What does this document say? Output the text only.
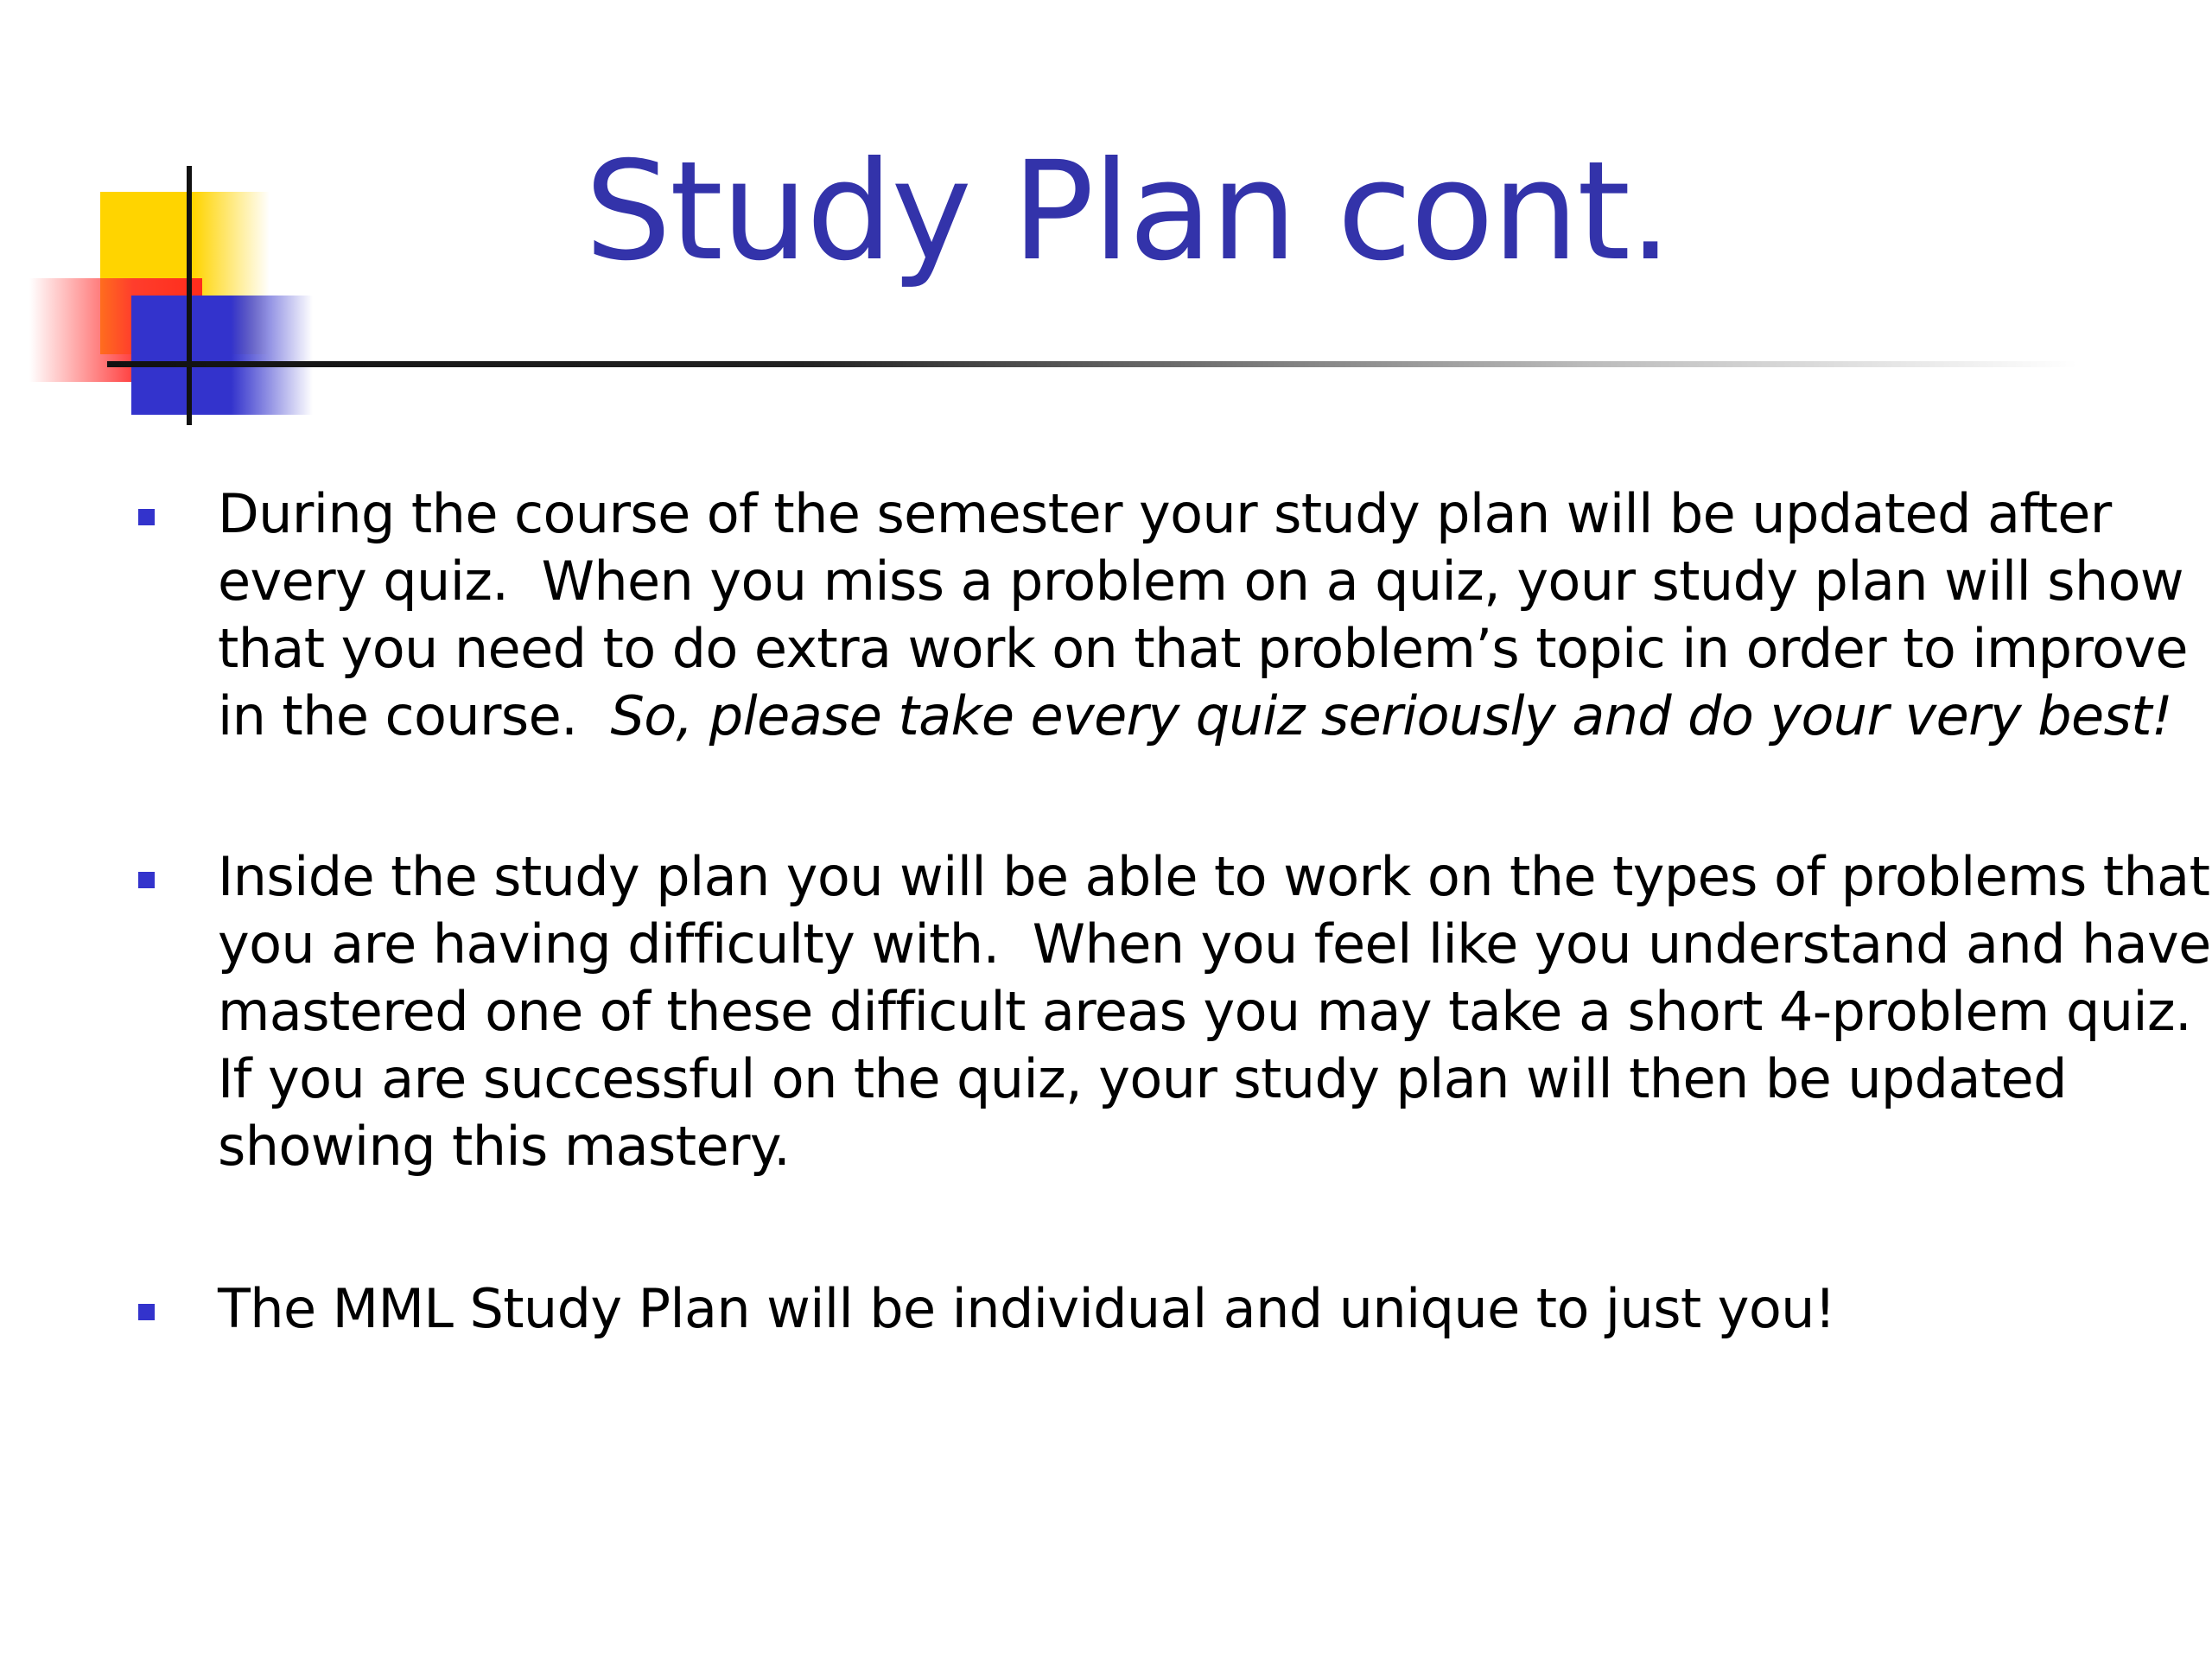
Study Plan cont.
During the course of the semester your study plan will be updated after
every quiz.  When you miss a problem on a quiz, your study plan will show
that you need to do extra work on that problem’s topic in order to improve
in the course.  So, please take every quiz seriously and do your very best!
Inside the study plan you will be able to work on the types of problems that
you are having difficulty with.  When you feel like you understand and have
mastered one of these difficult areas you may take a short 4-problem quiz.
If you are successful on the quiz, your study plan will then be updated
showing this mastery.
The MML Study Plan will be individual and unique to just you!
